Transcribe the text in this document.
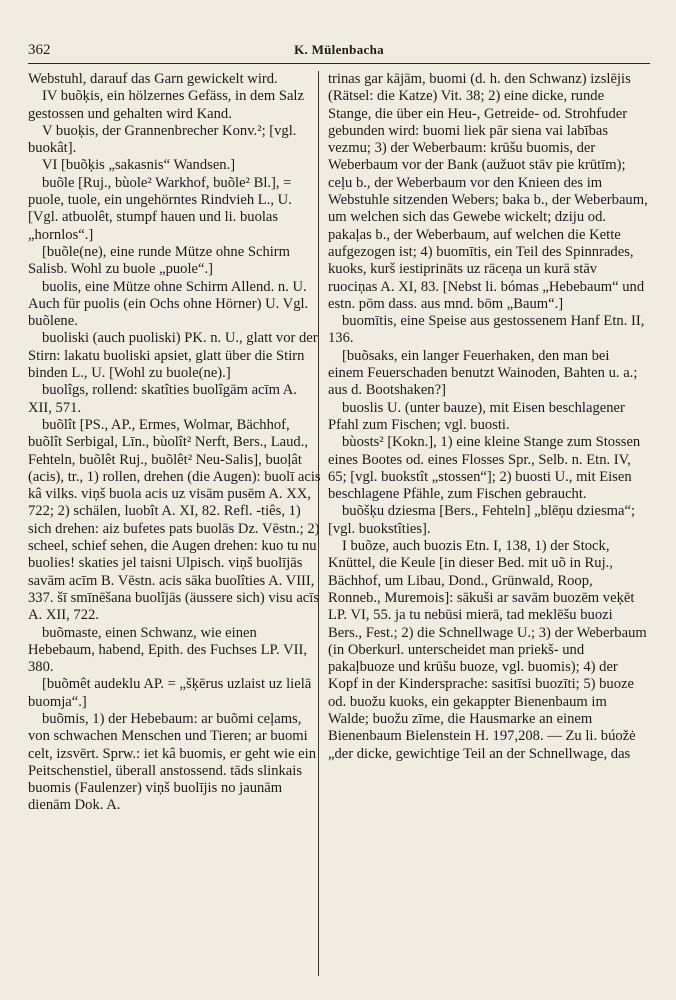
362	K. Mülenbacha

Webstuhl, darauf das Garn gewickelt wird.

IV buõķis, ein hölzernes Gefäss, in dem Salz gestossen und gehalten wird Kand.

V buoķis, der Grannenbrecher Konv.²; [vgl. buokât].

VI [buõķis „sakasnis“ Wandsen.]

buõle [Ruj., bùole² Warkhof, buõle² Bl.], = puole, tuole, ein ungehörntes Rindvieh L., U. [Vgl. atbuolêt, stumpf hauen und li. buolas „hornlos“.]

[buõle(ne), eine runde Mütze ohne Schirm Salisb. Wohl zu buole „puole“.]

buolis, eine Mütze ohne Schirm Allend. n. U. Auch für puolis (ein Ochs ohne Hörner) U. Vgl. buõlene.

buoliski (auch puoliski) PK. n. U., glatt vor der Stirn: lakatu buoliski apsiet, glatt über die Stirn binden L., U. [Wohl zu buole(ne).]

buolîgs, rollend: skatîties buolîgām acīm A. XII, 571.

buõlît [PS., AP., Ermes, Wolmar, Bächhof, buõlît Serbigal, Līn., bùolît² Nerft, Bers., Laud., Fehteln, buõlêt Ruj., buõlêt² Neu-Salis], buoļât (acis), tr., 1) rollen, drehen (die Augen): buolī acis kâ vilks. viņš buola acis uz visām pusēm A. XX, 722; 2) schälen, luobît A. XI, 82. Refl. -tiês, 1) sich drehen: aiz bufetes pats buolās Dz. Vēstn.; 2) scheel, schief sehen, die Augen drehen: kuo tu nu buolies! skaties jel taisni Ulpisch. viņš buolījās savām acīm B. Vēstn. acis sāka buolîties A. VIII, 337. šī smīnēšana buolîjās (äussere sich) visu acīs A. XII, 722.

buõmaste, einen Schwanz, wie einen Hebebaum, habend, Epith. des Fuchses LP. VII, 380.

[buõmêt audeklu AP. = „šķērus uzlaist uz lielā buomja“.]

buõmis, 1) der Hebebaum: ar buõmi ceļams, von schwachen Menschen und Tieren; ar buomi celt, izsvērt. Sprw.: iet kâ buomis, er geht wie ein Peitschenstiel, überall anstossend. tāds slinkais buomis (Faulenzer) viņš buolījis no jaunām dienām Dok. A.

trinas gar kājām, buomi (d. h. den Schwanz) izslējis (Rätsel: die Katze) Vit. 38; 2) eine dicke, runde Stange, die über ein Heu-, Getreide- od. Strohfuder gebunden wird: buomi liek pār siena vai labības vezmu; 3) der Weberbaum: krūšu buomis, der Weberbaum vor der Bank (aužuot stāv pie krūtīm); ceļu b., der Weberbaum vor den Knieen des im Webstuhle sitzenden Webers; baka b., der Weberbaum, um welchen sich das Gewebe wickelt; dziju od. pakaļas b., der Weberbaum, auf welchen die Kette aufgezogen ist; 4) buomītis, ein Teil des Spinnrades, kuoks, kurš iestiprināts uz rāceņa un kurā stāv ruociņas A. XI, 83. [Nebst li. bómas „Hebebaum“ und estn. pōm dass. aus mnd. bōm „Baum“.]

buomītis, eine Speise aus gestossenem Hanf Etn. II, 136.

[buõsaks, ein langer Feuerhaken, den man bei einem Feuerschaden benutzt Wainoden, Bahten u. a.; aus d. Bootshaken?]

buoslis U. (unter bauze), mit Eisen beschlagener Pfahl zum Fischen; vgl. buosti.

bùosts² [Kokn.], 1) eine kleine Stange zum Stossen eines Bootes od. eines Flosses Spr., Selb. n. Etn. IV, 65; [vgl. buokstît „stossen“]; 2) buosti U., mit Eisen beschlagene Pfähle, zum Fischen gebraucht.

buõšķu dziesma [Bers., Fehteln] „blēņu dziesma“; [vgl. buokstîties].

I buõze, auch buozis Etn. I, 138, 1) der Stock, Knüttel, die Keule [in dieser Bed. mit uõ in Ruj., Bächhof, um Libau, Dond., Grünwald, Roop, Ronneb., Muremois]: sākuši ar savām buozēm veķēt LP. VI, 55. ja tu nebūsi mierā, tad meklēšu buozi Bers., Fest.; 2) die Schnellwage U.; 3) der Weberbaum (in Oberkurl. unterscheidet man priekš- und pakaļbuoze und krūšu buoze, vgl. buomis); 4) der Kopf in der Kindersprache: sasitīsi buozīti; 5) buoze od. buožu kuoks, ein gekappter Bienenbaum im Walde; buožu zīme, die Hausmarke an einem Bienenbaum Bielenstein H. 197,208. — Zu li. búožė „der dicke, gewichtige Teil an der Schnellwage, das
